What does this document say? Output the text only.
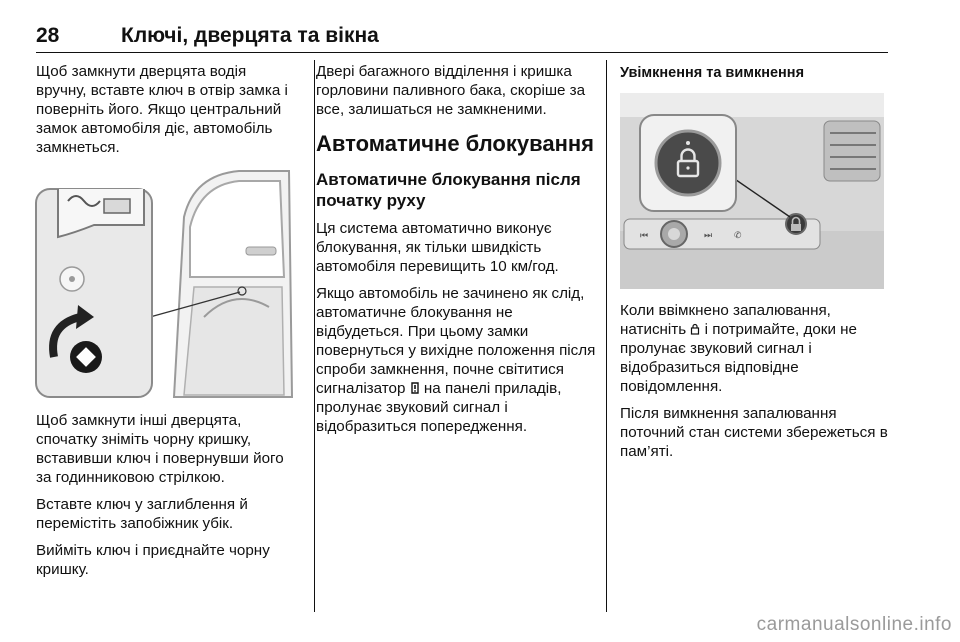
28	Ключі, дверцята та вікна

Щоб замкнути дверцята водія вручну, вставте ключ в отвір замка і поверніть його. Якщо центральний замок автомобіля діє, автомобіль замкнеться.

Щоб замкнути інші дверцята, спочатку зніміть чорну кришку, вставивши ключ і повернувши його за годинниковою стрілкою.

Вставте ключ у заглиблення й перемістіть запобіжник убік.

Вийміть ключ і приєднайте чорну кришку.

Двері багажного відділення і кришка горловини паливного бака, скоріше за все, залишаться не замкненими.

Автоматичне блокування
Автоматичне блокування після початку руху

Ця система автоматично виконує блокування, як тільки швидкість автомобіля перевищить 10 км/год.

Якщо автомобіль не зачинено як слід, автоматичне блокування не відбудеться. При цьому замки повернуться у вихідне положення після спроби замкнення, почне світитися сигналізатор на панелі приладів, пролунає звуковий сигнал і відобразиться попередження.

Увімкнення та вимкнення
⏮	⏭ ✆

Коли ввімкнено запалювання, натисніть і потримайте, доки не пролунає звуковий сигнал і відобразиться відповідне повідомлення.

Після вимкнення запалювання поточний стан системи збережеться в пам’яті.

carmanualsonline.info
